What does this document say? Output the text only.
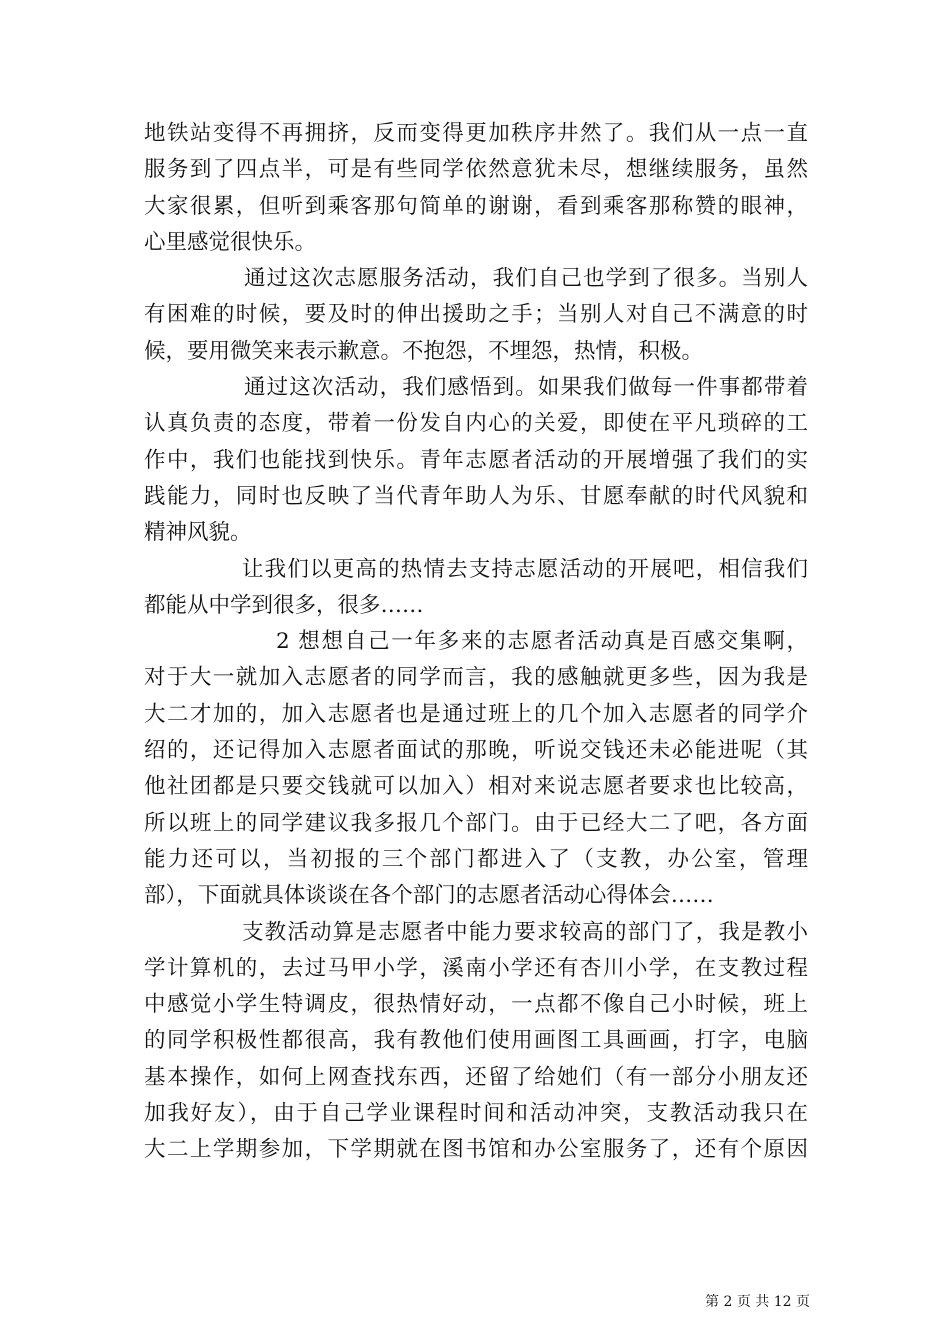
地铁站变得不再拥挤，反而变得更加秩序井然了。我们从一点一直
服务到了四点半，可是有些同学依然意犹未尽，想继续服务，虽然
大家很累，但听到乘客那句简单的谢谢，看到乘客那称赞的眼神，
心里感觉很快乐。
通过这次志愿服务活动，我们自己也学到了很多。当别人
有困难的时候，要及时的伸出援助之手；当别人对自己不满意的时
候，要用微笑来表示歉意。不抱怨，不埋怨，热情，积极。
通过这次活动，我们感悟到。如果我们做每一件事都带着
认真负责的态度，带着一份发自内心的关爱，即使在平凡琐碎的工
作中，我们也能找到快乐。青年志愿者活动的开展增强了我们的实
践能力，同时也反映了当代青年助人为乐、甘愿奉献的时代风貌和
精神风貌。
让我们以更高的热情去支持志愿活动的开展吧，相信我们
都能从中学到很多，很多……
2 想想自己一年多来的志愿者活动真是百感交集啊，
对于大一就加入志愿者的同学而言，我的感触就更多些，因为我是
大二才加的，加入志愿者也是通过班上的几个加入志愿者的同学介
绍的，还记得加入志愿者面试的那晚，听说交钱还未必能进呢（其
他社团都是只要交钱就可以加入）相对来说志愿者要求也比较高，
所以班上的同学建议我多报几个部门。由于已经大二了吧，各方面
能力还可以，当初报的三个部门都进入了（支教，办公室，管理
部），下面就具体谈谈在各个部门的志愿者活动心得体会……
支教活动算是志愿者中能力要求较高的部门了，我是教小
学计算机的，去过马甲小学，溪南小学还有杏川小学，在支教过程
中感觉小学生特调皮，很热情好动，一点都不像自己小时候，班上
的同学积极性都很高，我有教他们使用画图工具画画，打字，电脑
基本操作，如何上网查找东西，还留了给她们（有一部分小朋友还
加我好友），由于自己学业课程时间和活动冲突，支教活动我只在
大二上学期参加，下学期就在图书馆和办公室服务了，还有个原因
第 2 页 共 12 页
